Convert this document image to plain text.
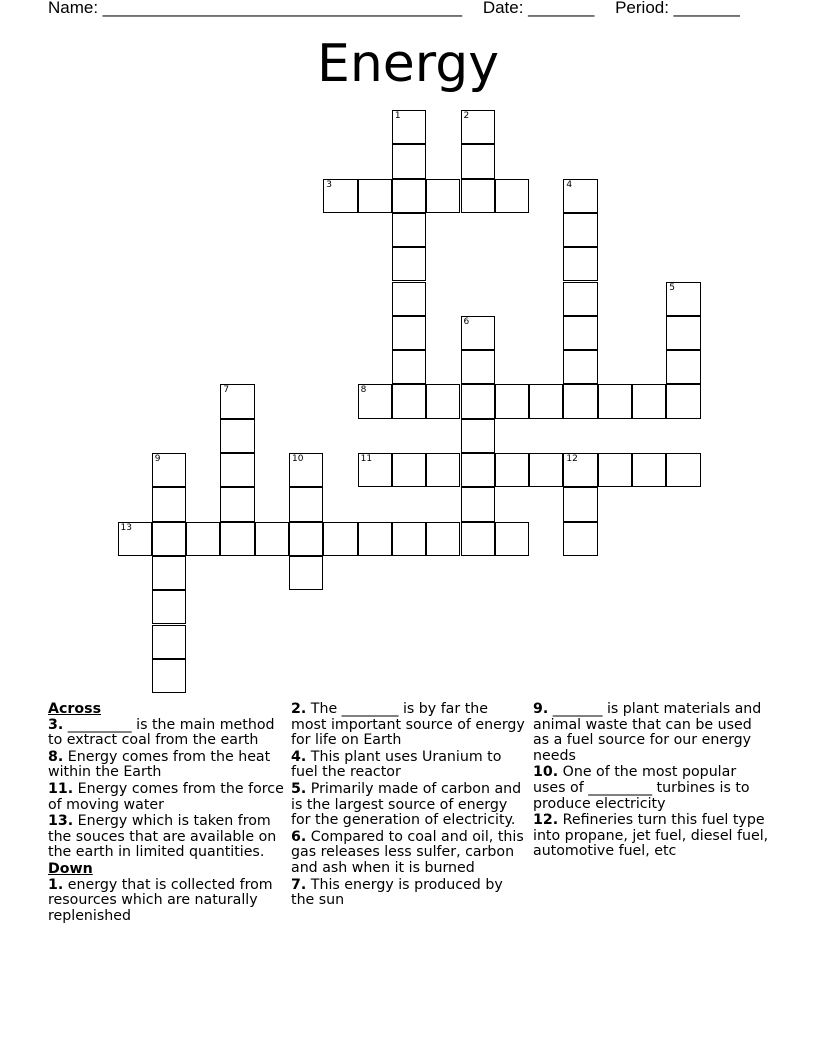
Name: ______________________________________ Date: _______ Period: _______
Energy
1	2
3	4
5
6
7	8
9	10	11	12
13
Across
3. _________ is the main method to extract coal from the earth
8. Energy comes from the heat within the Earth
11. Energy comes from the force of moving water
13. Energy which is taken from the souces that are available on the earth in limited quantities.
Down
1. energy that is collected from resources which are naturally replenished
2. The ________ is by far the most important source of energy for life on Earth
4. This plant uses Uranium to fuel the reactor
5. Primarily made of carbon and is the largest source of energy for the generation of electricity.
6. Compared to coal and oil, this gas releases less sulfer, carbon and ash when it is burned
7. This energy is produced by the sun
9. _______ is plant materials and animal waste that can be used as a fuel source for our energy needs
10. One of the most popular uses of _________ turbines is to produce electricity
12. Refineries turn this fuel type into propane, jet fuel, diesel fuel, automotive fuel, etc
